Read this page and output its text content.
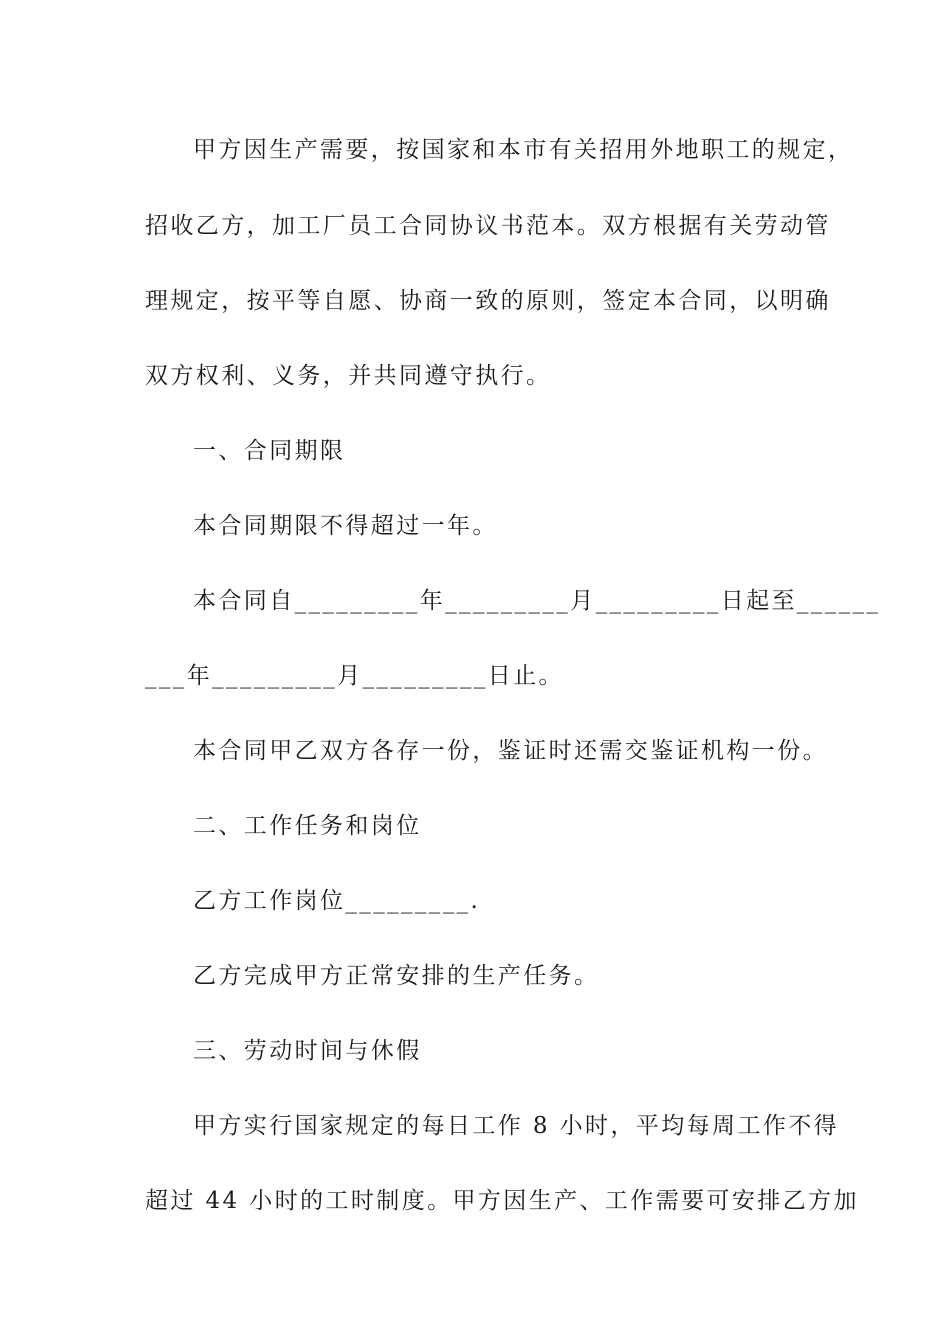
甲方因生产需要，按国家和本市有关招用外地职工的规定，
招收乙方，加工厂员工合同协议书范本。双方根据有关劳动管
理规定，按平等自愿、协商一致的原则，签定本合同，以明确
双方权利、义务，并共同遵守执行。
一、合同期限
本合同期限不得超过一年。
本合同自_________年_________月_________日起至______
___年_________月_________日止。
本合同甲乙双方各存一份，鉴证时还需交鉴证机构一份。
二、工作任务和岗位
乙方工作岗位_________.
乙方完成甲方正常安排的生产任务。
三、劳动时间与休假
甲方实行国家规定的每日工作 8 小时，平均每周工作不得
超过 44 小时的工时制度。甲方因生产、工作需要可安排乙方加
